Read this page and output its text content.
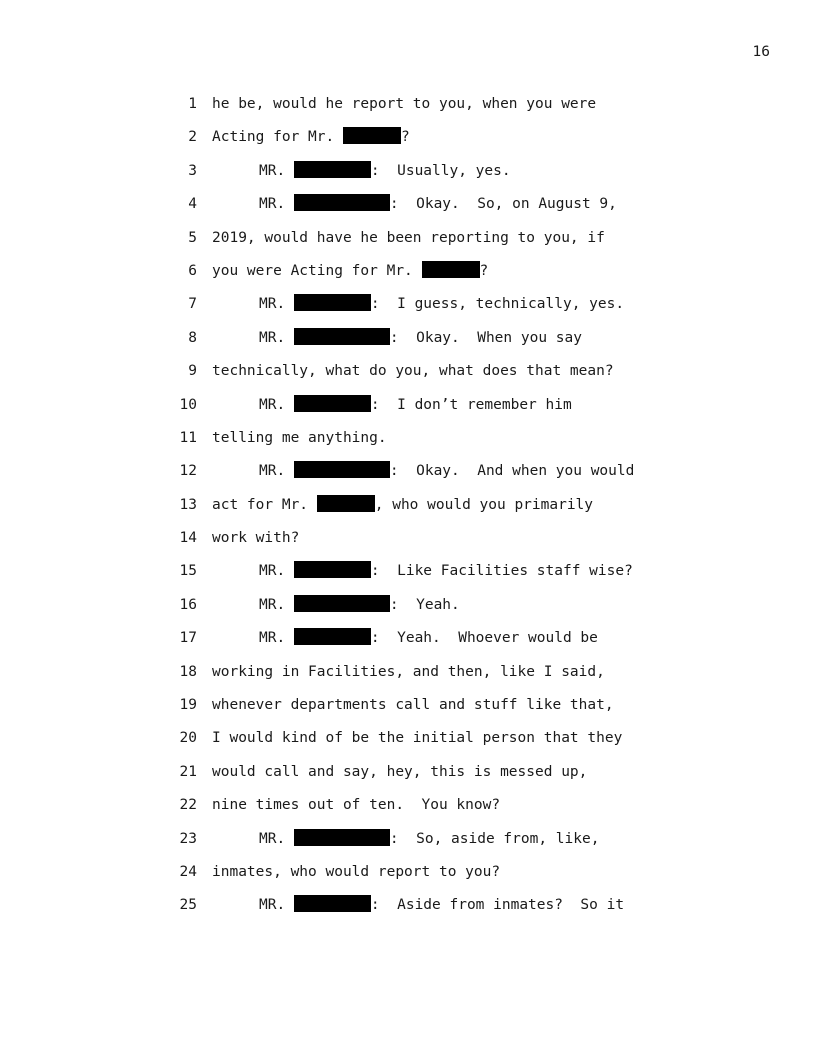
16
1 he be, would he report to you, when you were
2 Acting for Mr.	?
3	MR.	:  Usually, yes.
4	MR.	:  Okay.  So, on August 9,
5 2019, would have he been reporting to you, if
6 you were Acting for Mr.	?
7	MR.	:  I guess, technically, yes.
8	MR.	:  Okay.  When you say
9 technically, what do you, what does that mean?
10	MR.	:  I don’t remember him
11 telling me anything.
12	MR.	:  Okay.  And when you would
13 act for Mr.	, who would you primarily
14 work with?
15	MR.	:  Like Facilities staff wise?
16	MR.	:  Yeah.
17	MR.	:  Yeah.  Whoever would be
18 working in Facilities, and then, like I said,
19 whenever departments call and stuff like that,
20 I would kind of be the initial person that they
21 would call and say, hey, this is messed up,
22 nine times out of ten.  You know?
23	MR.	:  So, aside from, like,
24 inmates, who would report to you?
25	MR.	:  Aside from inmates?  So it
